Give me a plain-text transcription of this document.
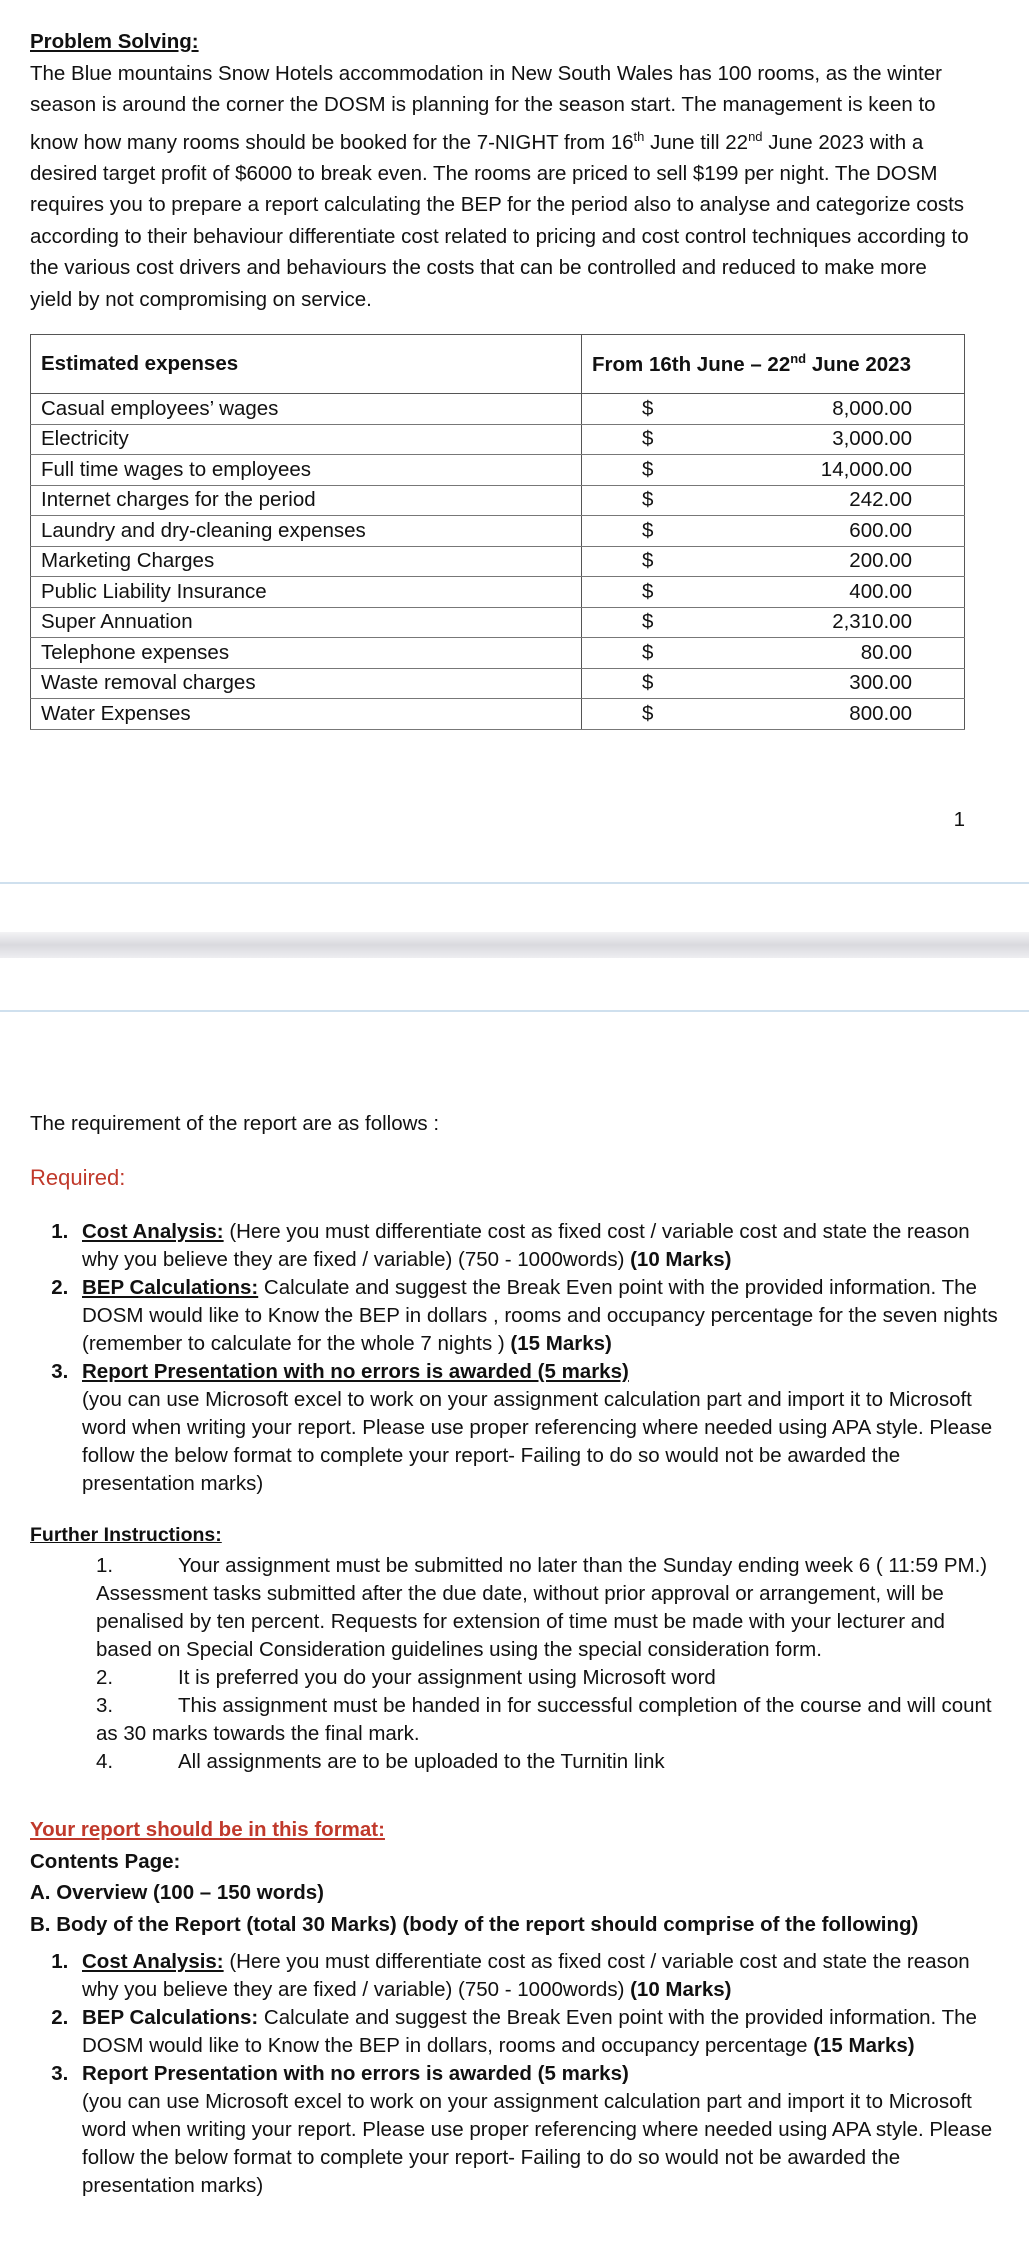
Problem Solving:
The Blue mountains Snow Hotels accommodation in New South Wales has 100 rooms, as the winter season is around the corner the DOSM is planning for the season start. The management is keen to know how many rooms should be booked for the 7-NIGHT from 16th June till 22nd June 2023 with a desired target profit of $6000 to break even. The rooms are priced to sell $199 per night. The DOSM requires you to prepare a report calculating the BEP for the period also to analyse and categorize costs according to their behaviour differentiate cost related to pricing and cost control techniques according to the various cost drivers and behaviours the costs that can be controlled and reduced to make more yield by not compromising on service.
Estimated expenses	From 16th June – 22nd June 2023	
Casual employees’ wages	$	8,000.00
Electricity	$	3,000.00
Full time wages to employees	$	14,000.00
Internet charges for the period	$	242.00
Laundry and dry-cleaning expenses	$	600.00
Marketing Charges	$	200.00
Public Liability Insurance	$	400.00
Super Annuation	$	2,310.00
Telephone expenses	$	80.00
Waste removal charges	$	300.00
Water Expenses	$	800.00
1
The requirement of the report are as follows :
Required:
1. Cost Analysis: (Here you must differentiate cost as fixed cost / variable cost and state the reason why you believe they are fixed / variable) (750 - 1000words) (10 Marks)
2. BEP Calculations: Calculate and suggest the Break Even point with the provided information. The DOSM would like to Know the BEP in dollars , rooms and occupancy percentage for the seven nights (remember to calculate for the whole 7 nights ) (15 Marks)
3. Report Presentation with no errors is awarded (5 marks)
(you can use Microsoft excel to work on your assignment calculation part and import it to Microsoft word when writing your report. Please use proper referencing where needed using APA style. Please follow the below format to complete your report- Failing to do so would not be awarded the presentation marks)
Further Instructions:
1.	Your assignment must be submitted no later than the Sunday ending week 6 ( 11:59 PM.) Assessment tasks submitted after the due date, without prior approval or arrangement, will be penalised by ten percent. Requests for extension of time must be made with your lecturer and based on Special Consideration guidelines using the special consideration form.
2.	It is preferred you do your assignment using Microsoft word
3.	This assignment must be handed in for successful completion of the course and will count as 30 marks towards the final mark.
4.	All assignments are to be uploaded to the Turnitin link
Your report should be in this format:
Contents Page:
A. Overview (100 – 150 words)
B. Body of the Report (total 30 Marks) (body of the report should comprise of the following)
1. Cost Analysis: (Here you must differentiate cost as fixed cost / variable cost and state the reason why you believe they are fixed / variable) (750 - 1000words) (10 Marks)
2. BEP Calculations: Calculate and suggest the Break Even point with the provided information. The DOSM would like to Know the BEP in dollars, rooms and occupancy percentage (15 Marks)
3. Report Presentation with no errors is awarded (5 marks)
(you can use Microsoft excel to work on your assignment calculation part and import it to Microsoft word when writing your report. Please use proper referencing where needed using APA style. Please follow the below format to complete your report- Failing to do so would not be awarded the presentation marks)
